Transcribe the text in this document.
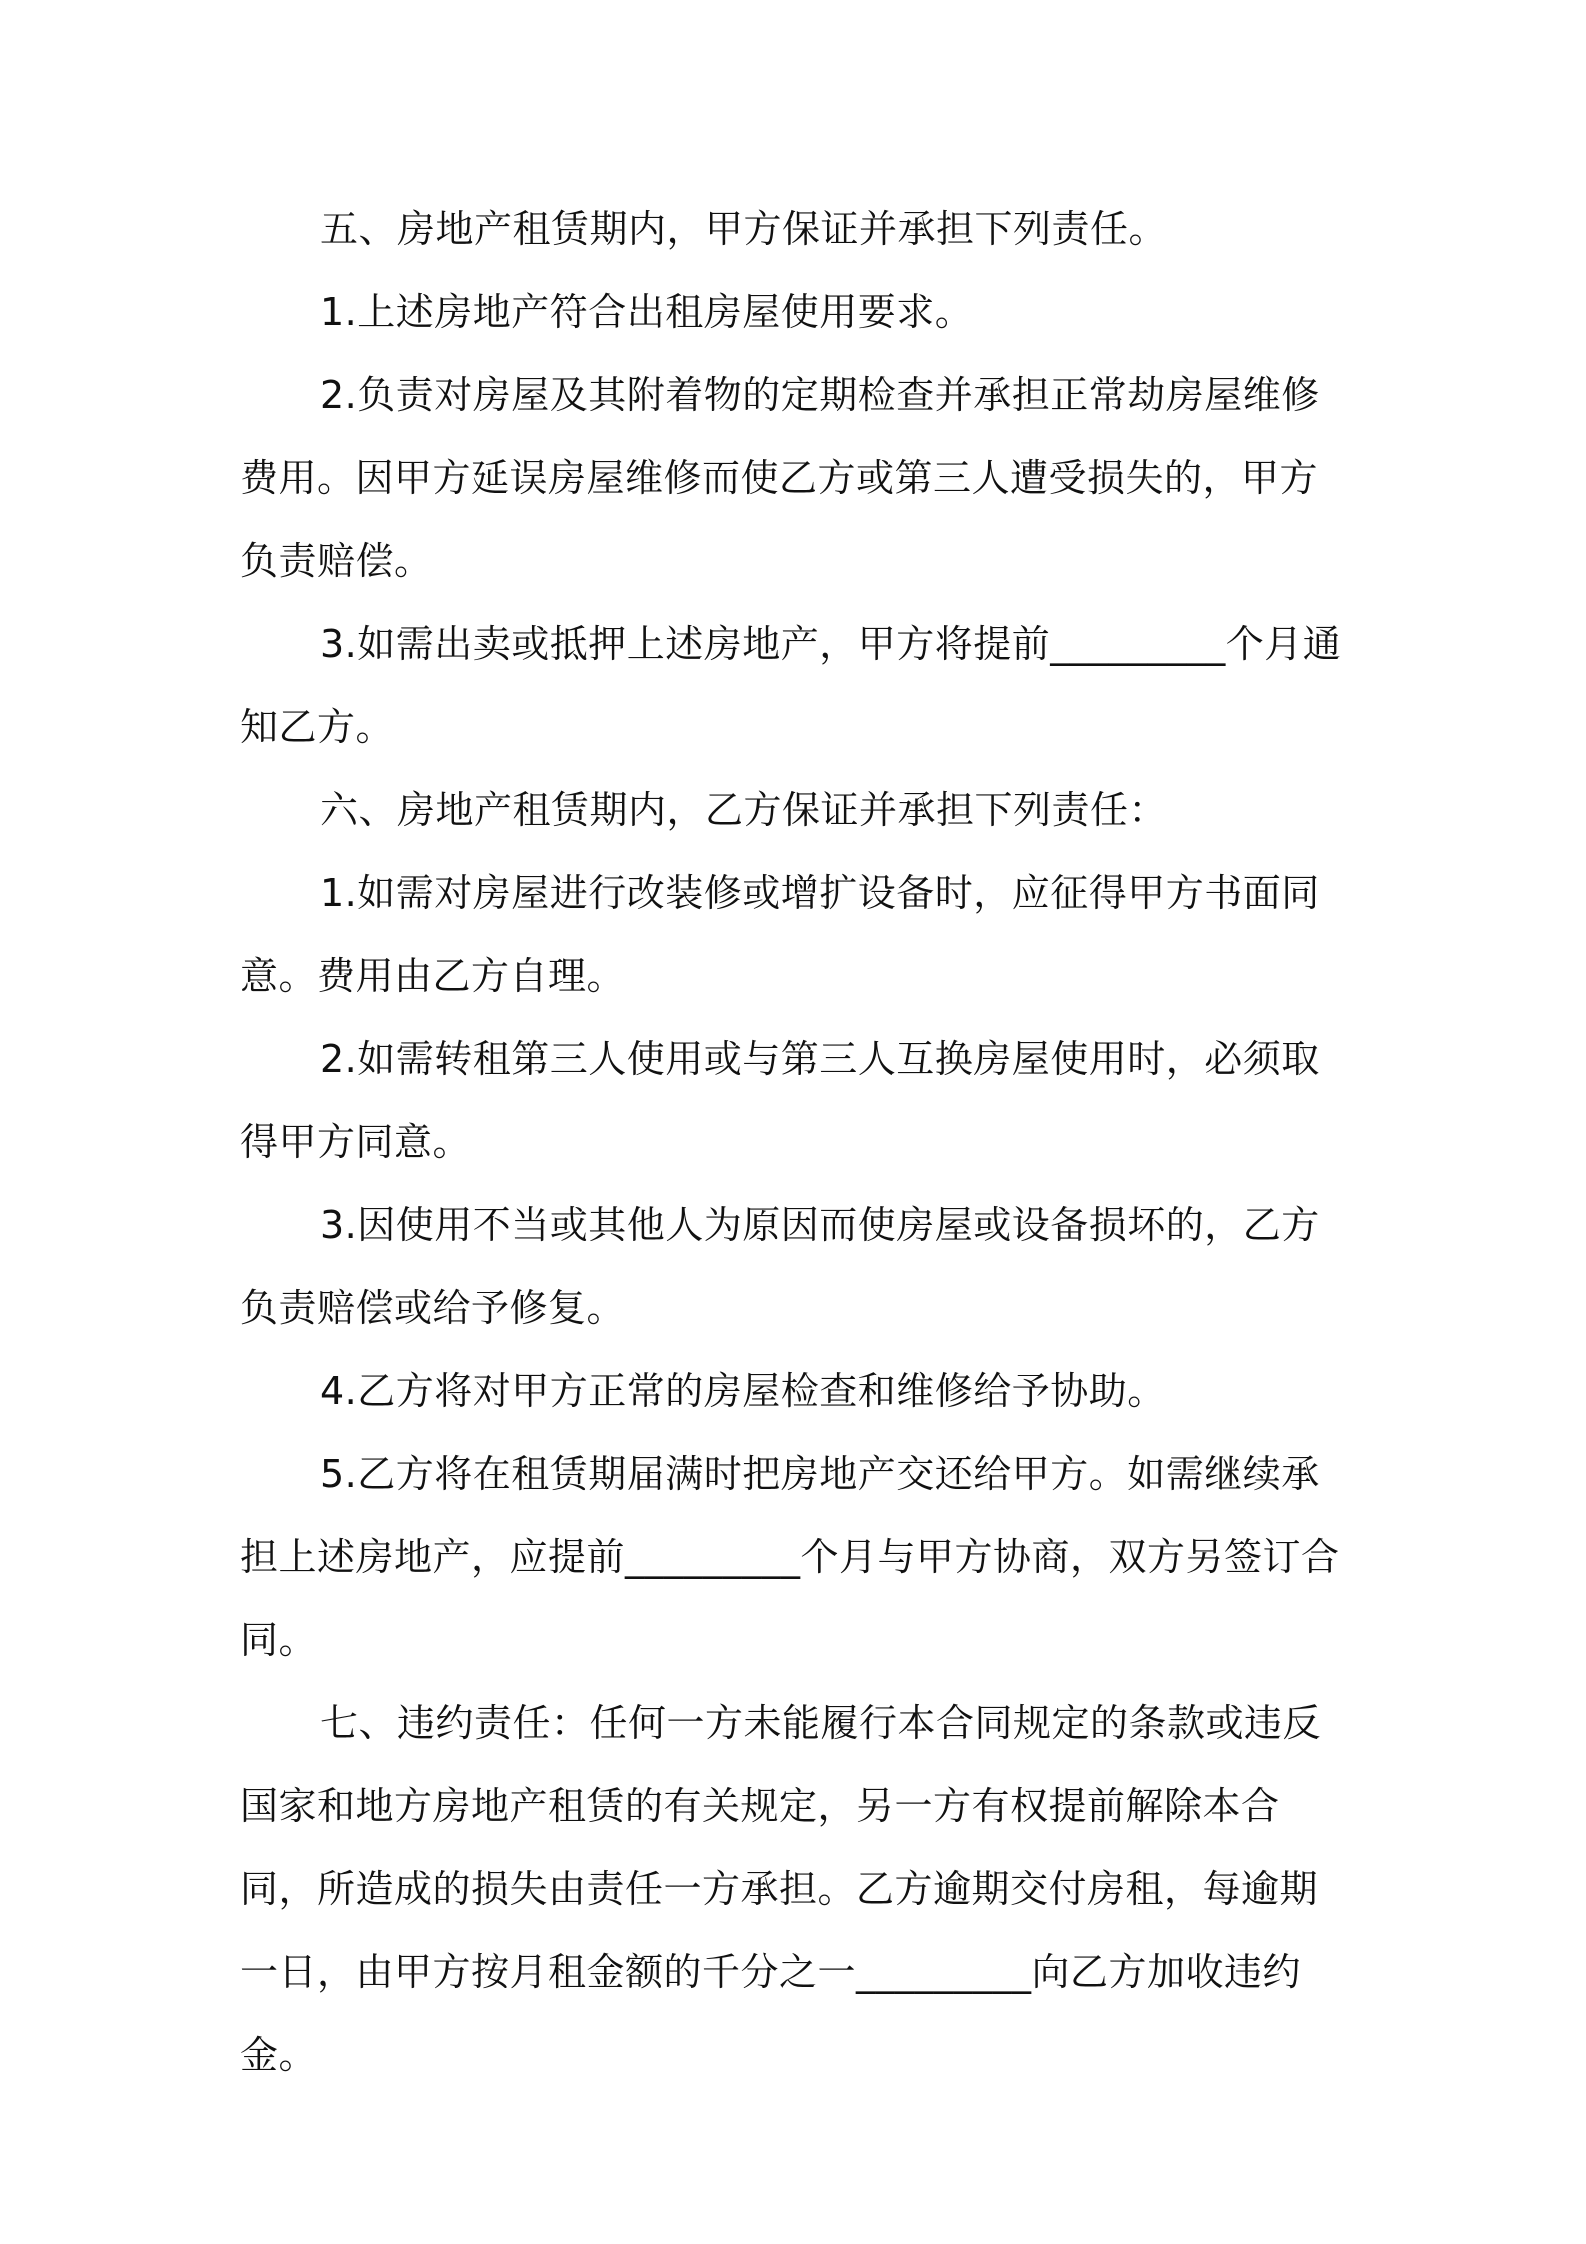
五、房地产租赁期内，甲方保证并承担下列责任。

1.上述房地产符合出租房屋使用要求。

2.负责对房屋及其附着物的定期检查并承担正常劫房屋维修费用。因甲方延误房屋维修而使乙方或第三人遭受损失的，甲方负责赔偿。

3.如需出卖或抵押上述房地产，甲方将提前_________个月通知乙方。

六、房地产租赁期内，乙方保证并承担下列责任：

1.如需对房屋进行改装修或增扩设备时，应征得甲方书面同意。费用由乙方自理。

2.如需转租第三人使用或与第三人互换房屋使用时，必须取得甲方同意。

3.因使用不当或其他人为原因而使房屋或设备损坏的，乙方负责赔偿或给予修复。

4.乙方将对甲方正常的房屋检查和维修给予协助。

5.乙方将在租赁期届满时把房地产交还给甲方。如需继续承担上述房地产，应提前_________个月与甲方协商，双方另签订合同。

七、违约责任：任何一方未能履行本合同规定的条款或违反国家和地方房地产租赁的有关规定，另一方有权提前解除本合同，所造成的损失由责任一方承担。乙方逾期交付房租，每逾期一日，由甲方按月租金额的千分之一_________向乙方加收违约金。
